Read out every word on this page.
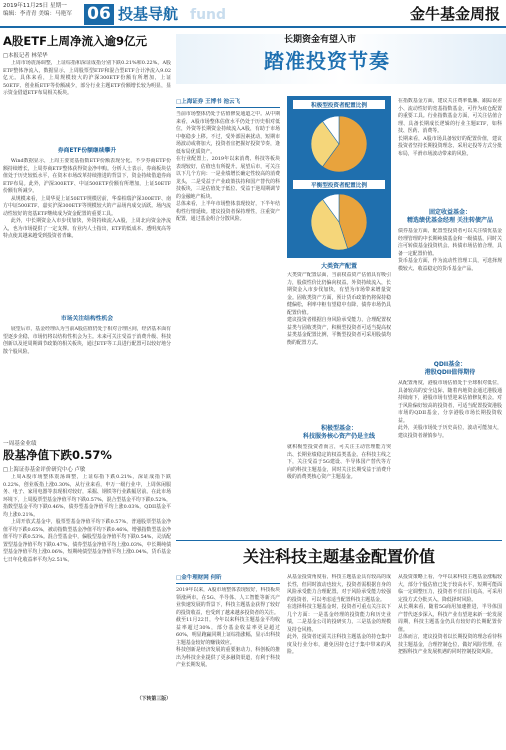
2019年11月25日 星期一
编辑：李青青 美编：马艳军 06 投基导航 fund	金牛基金周报
A股ETF上周净流入逾9亿元
□本报记者 林荣华

上周市场震荡调整，上证综指和深证成指分别下跌0.21%和0.22%。A股ETF整体净流入，数据显示，上周股票型ETF和混合型ETF合计净流入9.02亿元。具体来看，上周规模较大的沪深300ETF份额有所增加，上证50ETF、创业板ETF等份额减少，部分行业主题ETF份额增长较为明显，显示资金借道ETF布局相关板块。

券商ETF份额继续攀升

Wind数据显示，上周主要宽基指数ETF份额表现分化。不少券商ETF份额持续增长，上周券商ETF整体获得资金净申购。分析人士表示，券商板块估值处于历史较低水平，在资本市场改革持续推进的背景下，资金持续借道券商ETF布局。此外，沪深300ETF、中证500ETF份额有所增加，上证50ETF份额有所减少。

从规模来看，上周华夏上证50ETF规模居前，华泰柏瑞沪深300ETF、南方中证500ETF、嘉实沪深300ETF等规模较大的产品场内成交活跃。场内流动性较好的宽基ETF继续成为资金配置的重要工具。

此外，中长期资金入市步伐加快，外资持续流入A股，上周北向资金净流入，也为市场提供了一定支撑。有业内人士指出，ETF的低成本、透明度高等特点使其越来越受到投资者青睐。

市场关注结构性机会

展望后市，基金经理认为当前A股估值仍处于相对合理区间，经济基本面有望逐步企稳，市场仍将以结构性机会为主。未来可关注受益于消费升级、科技创新以及逆周期调节政策的相关板块，通过ETF等工具进行配置可以较好地分散个股风险。

一周基金业绩
股基净值下跌0.57%
□上海证券基金评价研究中心 卢敏

上周A股市场整体震荡调整，上证综指下跌0.21%，深证成指下跌0.22%，创业板指上涨0.30%，从行业来看，申万一级行业中，上周休闲服务、电子、家用电器等表现相对较好，采掘、钢铁等行业跌幅居前。在此市场环境下，上周股票型基金净值平均下跌0.57%，混合型基金平均下跌0.52%，指数型基金平均下跌0.46%，债券型基金净值平均上涨0.03%，QDII基金平均上涨0.21%。

上周开放式基金中，股票型基金净值平均下跌0.57%，普通股票型基金净值平均下跌0.65%，被动指数型基金净值平均下跌0.46%，增强指数型基金净值平均下跌0.53%。混合型基金中，偏股型基金净值平均下跌0.54%，灵活配置型基金净值平均下跌0.47%，债券型基金净值平均上涨0.03%，中长期纯债型基金净值平均上涨0.06%，短期纯债型基金净值平均上涨0.04%。货币基金七日年化收益率平均为2.51%。

（下转第三版）
长期资金有望入市
踏准投资节奏
□上海证券 王博书 池云飞
当前市场整体仍处于估值修复通道之中。从中期来看，A股市场整体估值水平仍处于历史相对低位，外资等长期资金持续流入A股，有助于市场中枢稳步上移。不过，受外部因素扰动，短期市场波动或将加大，投资者宜把握好投资节奏，逢低布局优质资产。
在行业配置上，2019年以来消费、科技等板块表现较好，估值也有所提升。展望后市，可关注以下几个方向：一是业绩增长确定性较高的消费龙头，二是受益于产业政策扶持和国产替代的科技板块，三是估值处于低位、受益于逆周期调节的金融地产板块。
总体来看，上半年市场整体表现较好，下半年结构性行情延续。建议投资者保持理性，注重资产配置，通过基金组合分散风险。
积极型投资者配置比例
平衡型投资者配置比例
大类资产配置
大类资产配置层面，当前权益资产估值具有吸引力，股债性价比仍偏向权益。外资持续流入，长期资金入市步伐加快，有望为市场带来增量资金。固收类资产方面，预计货币政策仍将保持稳健偏松，利率中枢有望稳中有降，债券市场仍具配置价值。
建议投资者根据自身风险承受能力，合理配置权益类与固收类资产，积极型投资者可适当提高权益类基金配置比例，平衡型投资者可采用股债均衡的配置方式。
积极型基金：
科技服务核心资产仍是主线
就积极型投资者而言，可关注主动管理能力突出、长期业绩稳定的权益类基金。在科技主线之下，关注受益于5G建设、半导体国产替代等方向的科技主题基金，同时关注长期受益于消费升级的消费类核心资产主题基金。
在指数基金方面，建议关注费率低廉、跟踪误差小、流动性好的宽基指数基金，可作为底仓配置的重要工具。行业指数基金方面，可关注估值合理、具备长期成长逻辑的行业主题ETF，如科技、医药、消费等。
长期来看，A股市场具备较好的配置价值，建议投资者坚持长期投资理念，采用定投等方式分批布局，平滑市场波动带来的风险。
固定收益基金：
精选绩优基金经理 关注转债产品
债券基金方面，配置型投资者可以关注绩优基金经理管理的中长期纯债基金和一级债基，同时关注可转债基金投资机会。转债市场估值合理，具备一定配置价值。
货币基金方面，作为流动性管理工具，可选择规模较大、收益稳定的货币基金产品。
QDII基金：
港股QDII值得期待
从配置角度，港股市场估值处于全球相对低位，具备较高的安全边际，随着内地资金通过港股通持续南下，港股市场有望迎来估值修复机会。对于风险偏好较高的投资者，可适当配置投资港股市场的QDII基金，分享港股市场长期投资收益。
此外，美股市场处于历史高位，波动可能加大，建议投资者谨慎参与。
关注科技主题基金配置价值
□金牛理财网 何昕
2019年以来，A股市场整体表现较好，科技板块领涨两市。在5G、半导体、人工智能等新兴产业快速发展的背景下，科技主题基金获得了较好的投资收益，也受到了越来越多投资者的关注。
截至11月22日，今年以来科技主题基金平均收益率超过30%，部分基金收益率更是超过60%，明显跑赢同期上证综指涨幅，显示出科技主题基金较好的赚钱效应。
科技创新是经济发展的重要驱动力，科创板的推出为科技企业提供了更多融资渠道，有利于科技产业长期发展。
从基金投资角度看，科技主题基金具有较高的成长性，但同时波动也较大，投资者需根据自身的风险承受能力合理配置。对于风险承受能力较强的投资者，可以考虑适当配置科技主题基金。
在选择科技主题基金时，投资者可重点关注以下几个方面：一是基金经理的投资能力和历史业绩，二是基金公司的投研实力，三是基金的规模及持仓风格。
此外，投资者还需关注科技主题基金的持仓集中度及行业分布，避免因持仓过于集中带来的风险。
从投资策略上看，今年以来科技主题基金涨幅较大，部分个股估值已处于较高水平，短期可能面临一定调整压力，投资者不宜盲目追高，可采用定投方式分批买入，降低择时风险。
从长期来看，随着5G商用加速推进，半导体国产替代逐步深入，科技产业有望迎来新一轮发展周期，科技主题基金仍具有较好的长期配置价值。
总体而言，建议投资者以长期投资的理念看待科技主题基金，合理控制仓位，做好风险管理，在把握科技产业发展机遇的同时控制投资风险。
